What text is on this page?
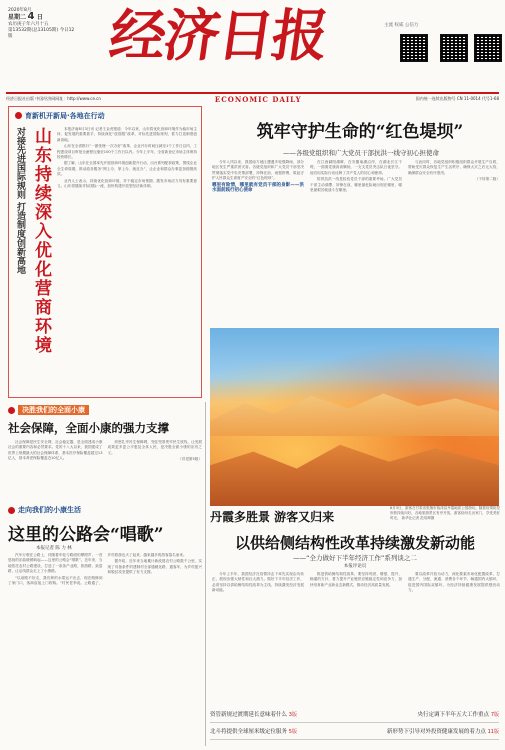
2020年8月
星期二 4 日
农历庚子年六月十五
第13532期(总13105期) 今日12版	经济日报	主流 权威 公信力
经济日报社出版 中国经济网网址：http://www.ce.cn	ECONOMIC DAILY	国内统一连续出版物号 CN 11-0014 代号1-68
育新机开新局·各地在行动
对接先进国际规则 打造制度创新高地 山东持续深入优化营商环境	本报济南8月3日讯 记者王金虎报道：今年以来，山东将优化营商环境作为稳市场主体、促发展的重要抓手，持续深化“放管服”改革，对标先进国际规则，着力打造制度创新高地。

山东在全省推行“一窗受理·一次办好”改革，企业开办时间压减至1个工作日以内，工程建设项目审批全流程压缩至100个工作日以内。今年上半年，全省新登记市场主体保持较快增长。

据了解，山东在全国率先开展营商环境创新提升行动，出台系列配套政策，围绕企业全生命周期，推动政务服务“网上办、掌上办、就近办”，让企业和群众办事更加便捷高效。

业内人士表示，持续优化营商环境，对于稳定市场预期、激发市场活力具有重要意义。山东将继续对标国际一流，加快构建开放型经济新体制。

筑牢守护生命的“红色堤坝”
——各级党组织和广大党员干部抗洪一线守初心担使命

今年入汛以来，我国南方地区遭遇多轮强降雨，部分地区发生严重洪涝灾害。各级党组织和广大党员干部坚决贯彻落实党中央决策部署，冲锋在前、顽强拼搏，筑起守护人民群众生命财产安全的“红色堤坝”。

哪里有险情，哪里就有党员干部的身影——洪水面前践行初心使命

在江西鄱阳湖畔，在安徽巢湖沿岸，在湖北长江干堤，一面面党旗高高飘扬，一支支党员突击队日夜坚守。他们用实际行动诠释了共产党人的初心和使命。

防汛抗洪一线是检验党员干部的重要考场。广大党员干部主动请缨、冲锋在前，哪里最危险就出现在哪里，哪里最艰苦就战斗在哪里。

与此同时，各地党组织积极组织群众开展生产自救，帮助受灾群众恢复生产生活秩序，确保大灾之后无大疫，确保群众安全有序度汛。

（下转第二版）

丹霞多胜景 游客又归来
8月3日，游客在甘肃省张掖市临泽县丹霞地质公园游玩。随着疫情防控形势持续向好，各地旅游景区有序开放，游客纷纷走出家门，享受美好时光。 新华社记者 范培珅摄
决胜我们的全面小康
社会保障，全面小康的强力支撑

社会保障是民生安全网、社会稳定器，是全面建成小康社会的重要内容和必然要求。党的十八大以来，我国建成了世界上规模最大的社会保障体系，基本医疗保险覆盖超过13亿人，基本养老保险覆盖近10亿人。

织密扎牢民生保障网，兜住兜准兜牢民生底线，让发展成果更多更公平惠及全体人民，是决胜全面小康的应有之义。

（详见第5版）

走向我们的小康生活
这里的公路会“唱歌”
本报记者 陈 力 林

汽车行驶在公路上，伴随着车轮与路面的摩擦声，一首悠扬的乐曲缓缓响起——这里的公路会“唱歌”。近年来，当地依托农村公路建设，打造了一条条产业路、旅游路、致富路，让沿线群众走上了小康路。

“以前路不好走，我们种的水果运不出去，现在路修到了家门口，客商直接上门收购。”村民老李说。公路通了，乡村旅游也火了起来，越来越多的游客慕名而来。

据介绍，近年来当地累计新改建农村公路数千公里，实现了具备条件的建制村全部通硬化路、通客车，为乡村振兴和脱贫攻坚提供了有力支撑。

以供给侧结构性改革持续激发新动能
——“全力做好下半年经济工作”系列谈之二
本报评论员

今年上半年，我国经济在疫情冲击下率先实现由负转正，展现出强大韧性和巨大潜力。做好下半年经济工作，必须坚持以供给侧结构性改革为主线，持续激发经济发展新动能。

推进供给侧结构性改革，要坚持巩固、增强、提升、畅通的方针，着力提升产业链供应链稳定性和竞争力，加快培育新产业新业态新模式，推动经济高质量发展。

要以改革开放为动力，深化要素市场化配置改革，打通生产、分配、流通、消费各个环节，畅通国内大循环，促进国内国际双循环，为经济持续健康发展提供强劲动力。

资管新规过渡期延长意味着什么 3版	央行定调下半年五大工作重点 7版
北斗将提供全球厘米级定位服务 5版	新形势下引导对外投资健康发展的着力点 11版
